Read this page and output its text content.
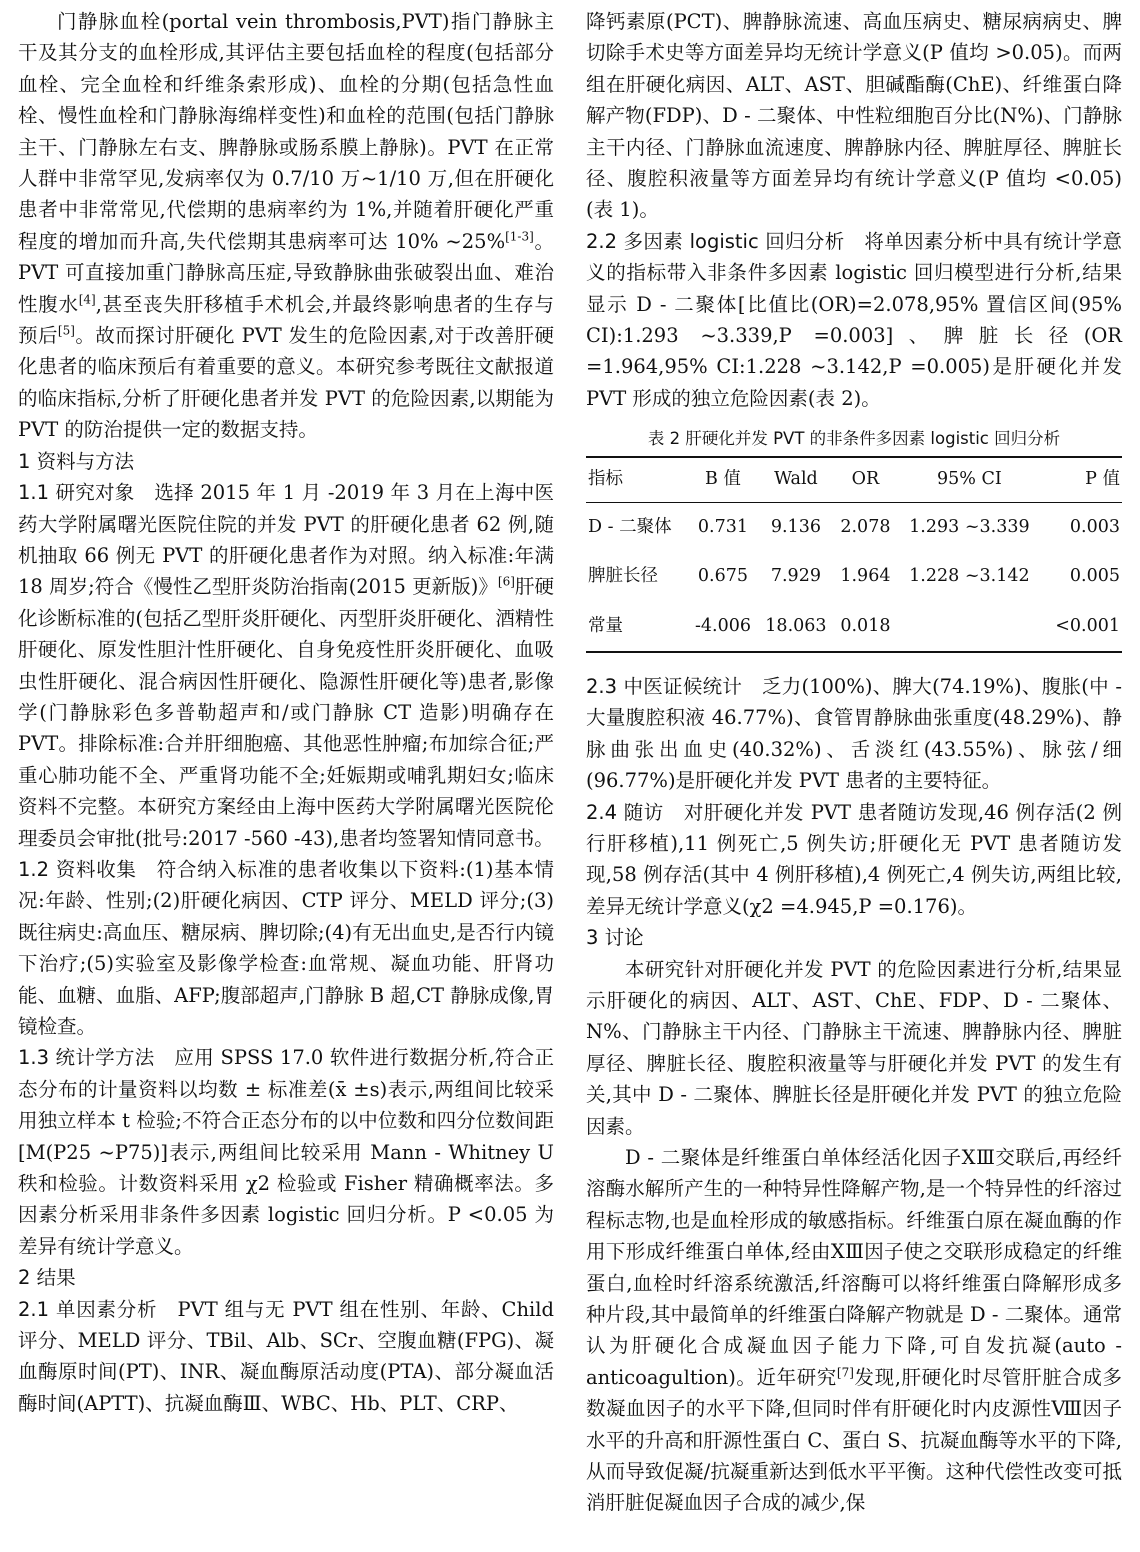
门静脉血栓(portal vein thrombosis,PVT)指门静脉主干及其分支的血栓形成,其评估主要包括血栓的程度(包括部分血栓、完全血栓和纤维条索形成)、血栓的分期(包括急性血栓、慢性血栓和门静脉海绵样变性)和血栓的范围(包括门静脉主干、门静脉左右支、脾静脉或肠系膜上静脉)。PVT 在正常人群中非常罕见,发病率仅为 0.7/10 万~1/10 万,但在肝硬化患者中非常常见,代偿期的患病率约为 1%,并随着肝硬化严重程度的增加而升高,失代偿期其患病率可达 10% ~25%[1-3]。PVT 可直接加重门静脉高压症,导致静脉曲张破裂出血、难治性腹水[4],甚至丧失肝移植手术机会,并最终影响患者的生存与预后[5]。故而探讨肝硬化 PVT 发生的危险因素,对于改善肝硬化患者的临床预后有着重要的意义。本研究参考既往文献报道的临床指标,分析了肝硬化患者并发 PVT 的危险因素,以期能为 PVT 的防治提供一定的数据支持。

1 资料与方法

1.1 研究对象　 选择 2015 年 1 月 -2019 年 3 月在上海中医药大学附属曙光医院住院的并发 PVT 的肝硬化患者 62 例,随机抽取 66 例无 PVT 的肝硬化患者作为对照。纳入标准:年满 18 周岁;符合《慢性乙型肝炎防治指南(2015 更新版)》[6]肝硬化诊断标准的(包括乙型肝炎肝硬化、丙型肝炎肝硬化、酒精性肝硬化、原发性胆汁性肝硬化、自身免疫性肝炎肝硬化、血吸虫性肝硬化、混合病因性肝硬化、隐源性肝硬化等)患者,影像学(门静脉彩色多普勒超声和/或门静脉 CT 造影)明确存在 PVT。排除标准:合并肝细胞癌、其他恶性肿瘤;布加综合征;严重心肺功能不全、严重肾功能不全;妊娠期或哺乳期妇女;临床资料不完整。本研究方案经由上海中医药大学附属曙光医院伦理委员会审批(批号:2017 -560 -43),患者均签署知情同意书。

1.2 资料收集　 符合纳入标准的患者收集以下资料:(1)基本情况:年龄、性别;(2)肝硬化病因、CTP 评分、MELD 评分;(3)既往病史:高血压、糖尿病、脾切除;(4)有无出血史,是否行内镜下治疗;(5)实验室及影像学检查:血常规、凝血功能、肝肾功能、血糖、血脂、AFP;腹部超声,门静脉 B 超,CT 静脉成像,胃镜检查。

1.3 统计学方法　 应用 SPSS 17.0 软件进行数据分析,符合正态分布的计量资料以均数 ± 标准差(x̄ ±s)表示,两组间比较采用独立样本 t 检验;不符合正态分布的以中位数和四分位数间距[M(P25 ~P75)]表示,两组间比较采用 Mann - Whitney U 秩和检验。计数资料采用 χ2 检验或 Fisher 精确概率法。多因素分析采用非条件多因素 logistic 回归分析。P <0.05 为差异有统计学意义。

2 结果

2.1 单因素分析　 PVT 组与无 PVT 组在性别、年龄、Child 评分、MELD 评分、TBil、Alb、SCr、空腹血糖(FPG)、凝血酶原时间(PT)、INR、凝血酶原活动度(PTA)、部分凝血活酶时间(APTT)、抗凝血酶Ⅲ、WBC、Hb、PLT、CRP、

降钙素原(PCT)、脾静脉流速、高血压病史、糖尿病病史、脾切除手术史等方面差异均无统计学意义(P 值均 >0.05)。而两组在肝硬化病因、ALT、AST、胆碱酯酶(ChE)、纤维蛋白降解产物(FDP)、D - 二聚体、中性粒细胞百分比(N%)、门静脉主干内径、门静脉血流速度、脾静脉内径、脾脏厚径、脾脏长径、腹腔积液量等方面差异均有统计学意义(P 值均 <0.05)(表 1)。

2.2 多因素 logistic 回归分析　 将单因素分析中具有统计学意义的指标带入非条件多因素 logistic 回归模型进行分析,结果显示 D - 二聚体[比值比(OR)=2.078,95% 置信区间(95% CI):1.293 ~3.339,P =0.003]、脾脏长径(OR =1.964,95% CI:1.228 ~3.142,P =0.005)是肝硬化并发 PVT 形成的独立危险因素(表 2)。

表 2 肝硬化并发 PVT 的非条件多因素 logistic 回归分析
指标	B 值	Wald	OR	95% CI	P 值
D - 二聚体	0.731	9.136	2.078	1.293 ~3.339	0.003
脾脏长径	0.675	7.929	1.964	1.228 ~3.142	0.005
常量	-4.006	18.063	0.018		<0.001

2.3 中医证候统计　 乏力(100%)、脾大(74.19%)、腹胀(中 - 大量腹腔积液 46.77%)、食管胃静脉曲张重度(48.29%)、静脉曲张出血史(40.32%)、舌淡红(43.55%)、脉弦/细(96.77%)是肝硬化并发 PVT 患者的主要特征。

2.4 随访　 对肝硬化并发 PVT 患者随访发现,46 例存活(2 例行肝移植),11 例死亡,5 例失访;肝硬化无 PVT 患者随访发现,58 例存活(其中 4 例肝移植),4 例死亡,4 例失访,两组比较,差异无统计学意义(χ2 =4.945,P =0.176)。

3 讨论

本研究针对肝硬化并发 PVT 的危险因素进行分析,结果显示肝硬化的病因、ALT、AST、ChE、FDP、D - 二聚体、N%、门静脉主干内径、门静脉主干流速、脾静脉内径、脾脏厚径、脾脏长径、腹腔积液量等与肝硬化并发 PVT 的发生有关,其中 D - 二聚体、脾脏长径是肝硬化并发 PVT 的独立危险因素。

D - 二聚体是纤维蛋白单体经活化因子ⅩⅢ交联后,再经纤溶酶水解所产生的一种特异性降解产物,是一个特异性的纤溶过程标志物,也是血栓形成的敏感指标。纤维蛋白原在凝血酶的作用下形成纤维蛋白单体,经由ⅩⅢ因子使之交联形成稳定的纤维蛋白,血栓时纤溶系统激活,纤溶酶可以将纤维蛋白降解形成多种片段,其中最简单的纤维蛋白降解产物就是 D - 二聚体。通常认为肝硬化合成凝血因子能力下降,可自发抗凝(auto - anticoagultion)。近年研究[7]发现,肝硬化时尽管肝脏合成多数凝血因子的水平下降,但同时伴有肝硬化时内皮源性Ⅷ因子水平的升高和肝源性蛋白 C、蛋白 S、抗凝血酶等水平的下降,从而导致促凝/抗凝重新达到低水平平衡。这种代偿性改变可抵消肝脏促凝血因子合成的减少,保
